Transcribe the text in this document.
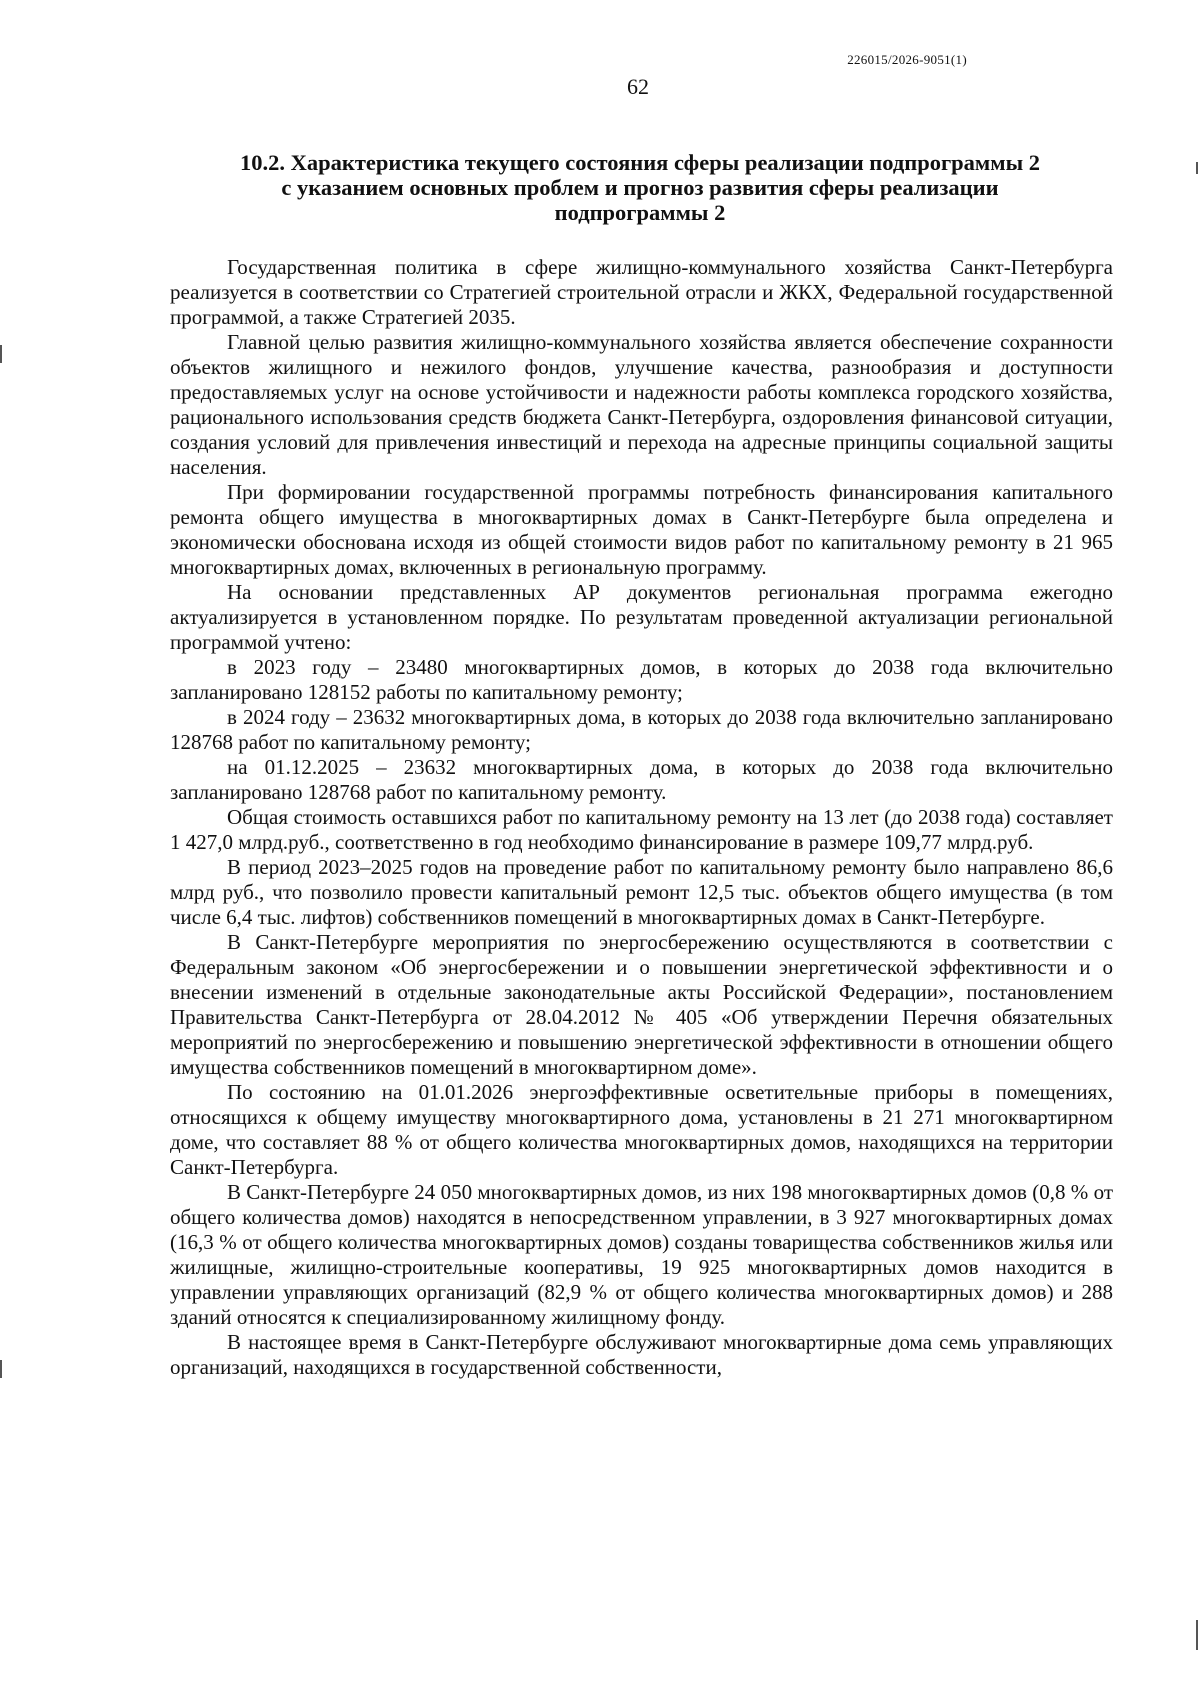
226015/2026-9051(1)
62
10.2. Характеристика текущего состояния сферы реализации подпрограммы 2
с указанием основных проблем и прогноз развития сферы реализации
подпрограммы 2

Государственная политика в сфере жилищно-коммунального хозяйства Санкт-Петербурга реализуется в соответствии со Стратегией строительной отрасли и ЖКХ, Федеральной государственной программой, а также Стратегией 2035.

Главной целью развития жилищно-коммунального хозяйства является обеспечение сохранности объектов жилищного и нежилого фондов, улучшение качества, разнообразия и доступности предоставляемых услуг на основе устойчивости и надежности работы комплекса городского хозяйства, рационального использования средств бюджета Санкт-Петербурга, оздоровления финансовой ситуации, создания условий для привлечения инвестиций и перехода на адресные принципы социальной защиты населения.

При формировании государственной программы потребность финансирования капитального ремонта общего имущества в многоквартирных домах в Санкт-Петербурге была определена и экономически обоснована исходя из общей стоимости видов работ по капитальному ремонту в 21 965 многоквартирных домах, включенных в региональную программу.

На основании представленных АР документов региональная программа ежегодно актуализируется в установленном порядке. По результатам проведенной актуализации региональной программой учтено:

в 2023 году – 23480 многоквартирных домов, в которых до 2038 года включительно запланировано 128152 работы по капитальному ремонту;

в 2024 году – 23632 многоквартирных дома, в которых до 2038 года включительно запланировано 128768 работ по капитальному ремонту;

на 01.12.2025 – 23632 многоквартирных дома, в которых до 2038 года включительно запланировано 128768 работ по капитальному ремонту.

Общая стоимость оставшихся работ по капитальному ремонту на 13 лет (до 2038 года) составляет 1 427,0 млрд.руб., соответственно в год необходимо финансирование в размере 109,77 млрд.руб.

В период 2023–2025 годов на проведение работ по капитальному ремонту было направлено 86,6 млрд руб., что позволило провести капитальный ремонт 12,5 тыс. объектов общего имущества (в том числе 6,4 тыс. лифтов) собственников помещений в многоквартирных домах в Санкт-Петербурге.

В Санкт-Петербурге мероприятия по энергосбережению осуществляются в соответствии с Федеральным законом «Об энергосбережении и о повышении энергетической эффективности и о внесении изменений в отдельные законодательные акты Российской Федерации», постановлением Правительства Санкт-Петербурга от 28.04.2012 № 405 «Об утверждении Перечня обязательных мероприятий по энергосбережению и повышению энергетической эффективности в отношении общего имущества собственников помещений в многоквартирном доме».

По состоянию на 01.01.2026 энергоэффективные осветительные приборы в помещениях, относящихся к общему имуществу многоквартирного дома, установлены в 21 271 многоквартирном доме, что составляет 88 % от общего количества многоквартирных домов, находящихся на территории Санкт-Петербурга.

В Санкт-Петербурге 24 050 многоквартирных домов, из них 198 многоквартирных домов (0,8 % от общего количества домов) находятся в непосредственном управлении, в 3 927 многоквартирных домах (16,3 % от общего количества многоквартирных домов) созданы товарищества собственников жилья или жилищные, жилищно-строительные кооперативы, 19 925 многоквартирных домов находится в управлении управляющих организаций (82,9 % от общего количества многоквартирных домов) и 288 зданий относятся к специализированному жилищному фонду.

В настоящее время в Санкт-Петербурге обслуживают многоквартирные дома семь управляющих организаций, находящихся в государственной собственности,
